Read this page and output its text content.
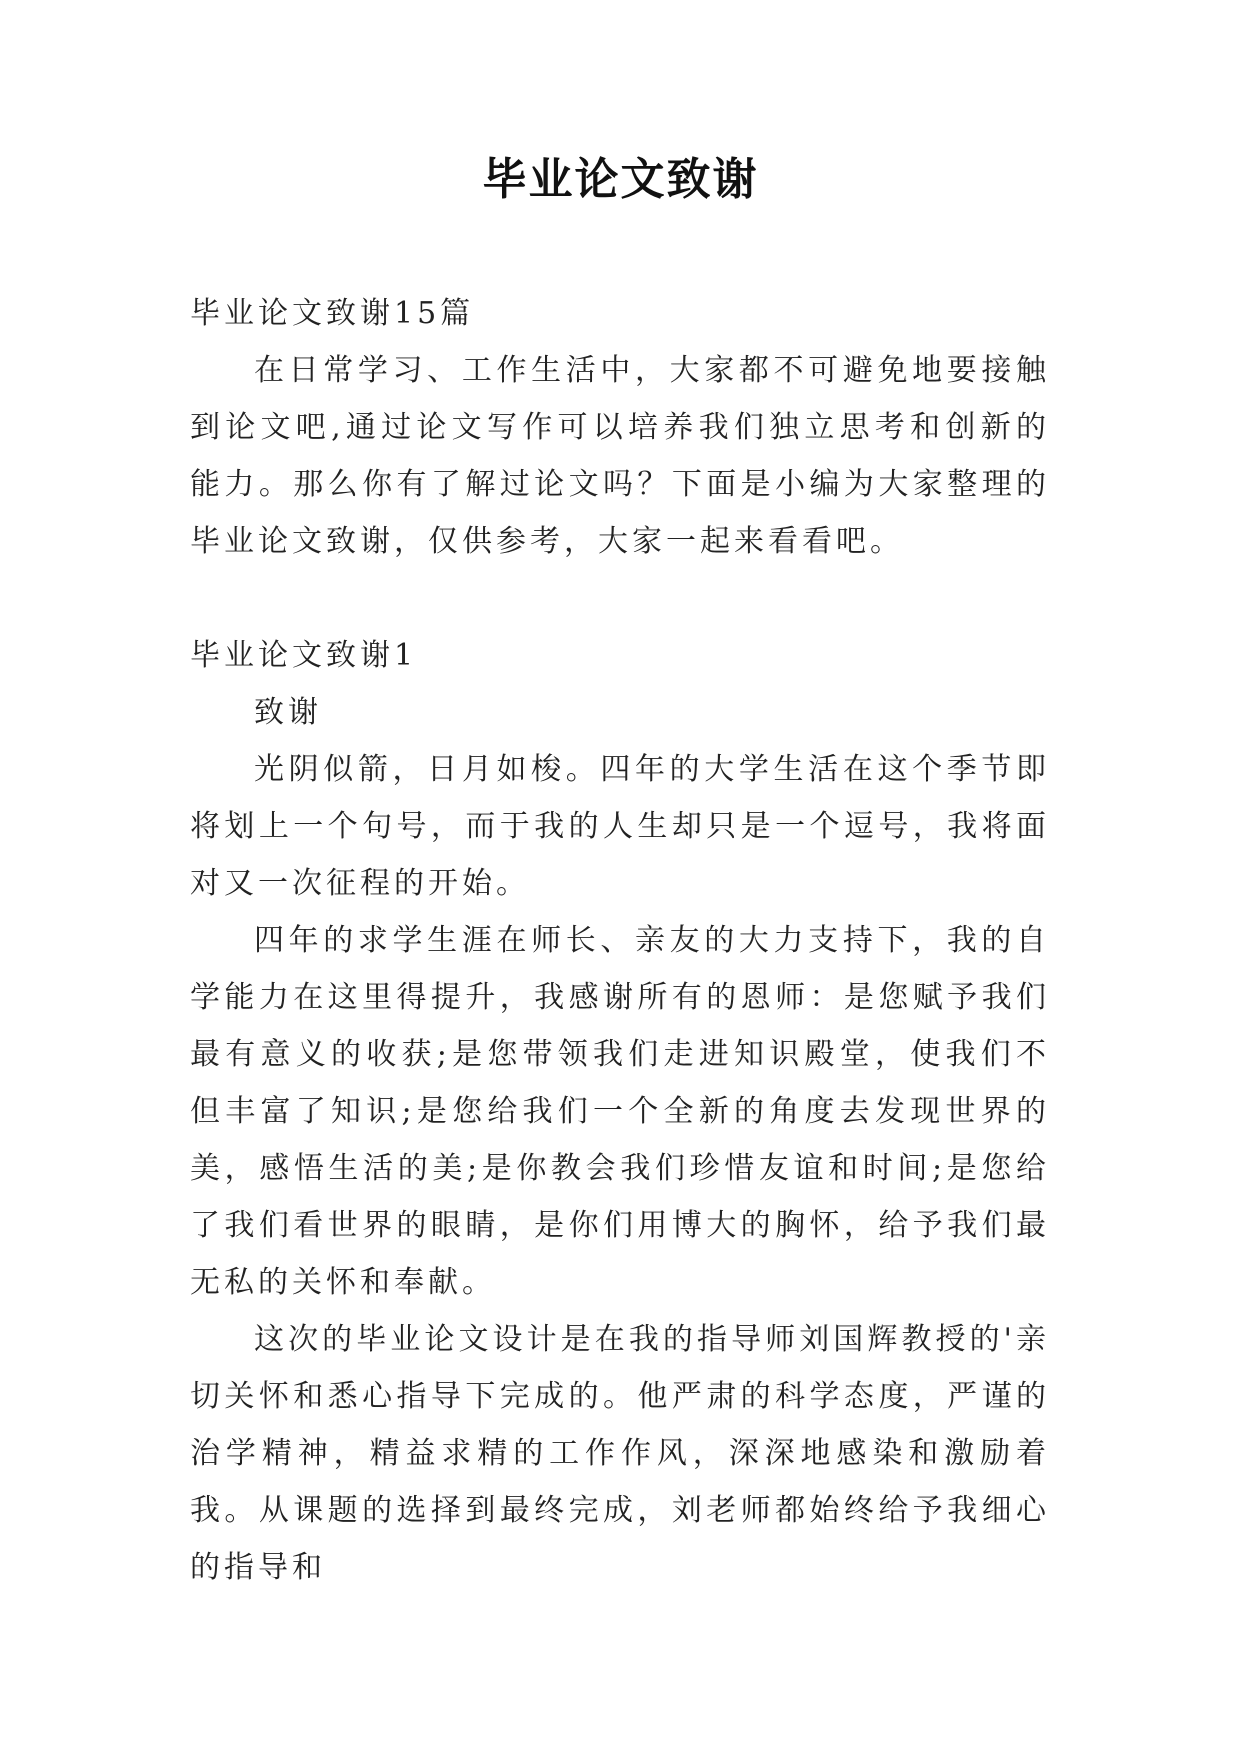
毕业论文致谢

毕业论文致谢15篇

在日常学习、工作生活中，大家都不可避免地要接触到论文吧,通过论文写作可以培养我们独立思考和创新的能力。那么你有了解过论文吗？下面是小编为大家整理的毕业论文致谢，仅供参考，大家一起来看看吧。

毕业论文致谢1

致谢

光阴似箭，日月如梭。四年的大学生活在这个季节即将划上一个句号，而于我的人生却只是一个逗号，我将面对又一次征程的开始。

四年的求学生涯在师长、亲友的大力支持下，我的自学能力在这里得提升，我感谢所有的恩师：是您赋予我们最有意义的收获;是您带领我们走进知识殿堂，使我们不但丰富了知识;是您给我们一个全新的角度去发现世界的美，感悟生活的美;是你教会我们珍惜友谊和时间;是您给了我们看世界的眼睛，是你们用博大的胸怀，给予我们最无私的关怀和奉献。

这次的毕业论文设计是在我的指导师刘国辉教授的'亲切关怀和悉心指导下完成的。他严肃的科学态度，严谨的治学精神，精益求精的工作作风，深深地感染和激励着我。从课题的选择到最终完成，刘老师都始终给予我细心的指导和
